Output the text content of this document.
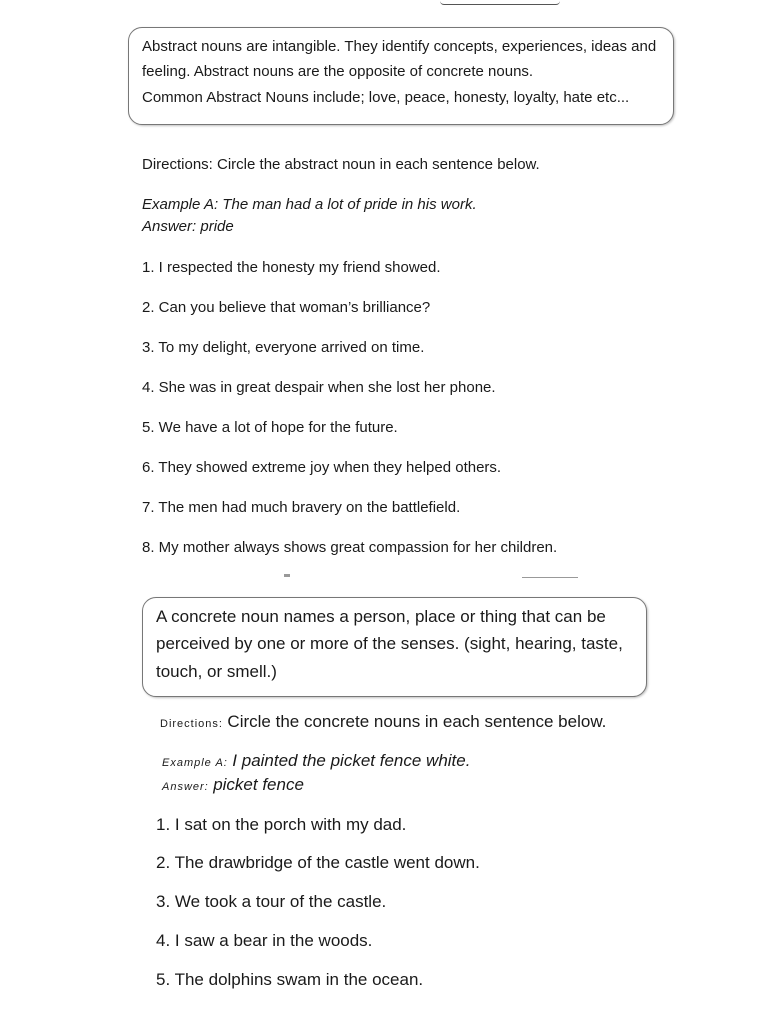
Abstract nouns are intangible. They identify concepts, experiences, ideas and
feeling. Abstract nouns are the opposite of concrete nouns.
Common Abstract Nouns include; love, peace, honesty, loyalty, hate etc...
Directions: Circle the abstract noun in each sentence below.
Example A: The man had a lot of pride in his work.
Answer: pride
1. I respected the honesty my friend showed.
2. Can you believe that woman’s brilliance?
3. To my delight, everyone arrived on time.
4. She was in great despair when she lost her phone.
5. We have a lot of hope for the future.
6. They showed extreme joy when they helped others.
7. The men had much bravery on the battlefield.
8. My mother always shows great compassion for her children.
A concrete noun names a person, place or thing that can be
perceived by one or more of the senses. (sight, hearing, taste,
touch, or smell.)
Directions: Circle the concrete nouns in each sentence below.
Example A: I painted the picket fence white.
Answer: picket fence
1. I sat on the porch with my dad.
2. The drawbridge of the castle went down.
3. We took a tour of the castle.
4. I saw a bear in the woods.
5. The dolphins swam in the ocean.
